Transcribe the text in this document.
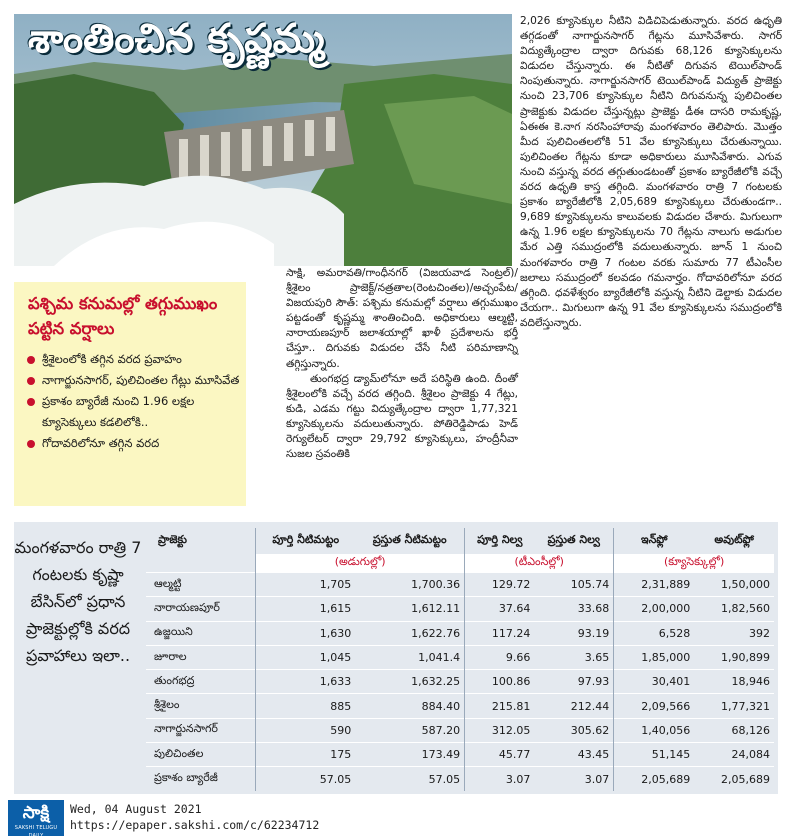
శాంతించిన కృష్ణమ్మ	2,026 క్యూసెక్కుల నీటిని విడిచిపెడుతున్నారు. వరద ఉధృతి తగ్గడంతో నాగార్జునసాగర్ గేట్లను మూసివేశారు. సాగర్ విద్యుత్కేంద్రాల ద్వారా దిగువకు 68,126 క్యూసెక్కులను విడుదల చేస్తున్నారు. ఈ నీటితో దిగువన టెయిల్‌పాండ్ నింపుతున్నారు. నాగార్జునసాగర్ టెయిల్‌పాండ్ విద్యుత్ ప్రాజెక్టు నుంచి 23,706 క్యూసెక్కుల నీటిని దిగువనున్న పులిచింతల ప్రాజెక్టుకు విడుదల చేస్తున్నట్లు ప్రాజెక్టు డీఈ దాసరి రామకృష్ణ, ఏఈఈ కె.నాగ నరసింహారావు మంగళవారం తెలిపారు. మొత్తం మీద పులిచింతలలోకి 51 వేల క్యూసెక్కులు చేరుతున్నాయి. పులిచింతల గేట్లను కూడా అధికారులు మూసివేశారు. ఎగువ నుంచి వస్తున్న వరద తగ్గుతుండటంతో ప్రకాశం బ్యారేజీలోకి వచ్చే వరద ఉధృతి కాస్త తగ్గింది. మంగళవారం రాత్రి 7 గంటలకు ప్రకాశం బ్యారేజీలోకి 2,05,689 క్యూసెక్కులు చేరుతుండగా.. 9,689 క్యూసెక్కులను కాలువలకు విడుదల చేశారు. మిగులుగా ఉన్న 1.96 లక్షల క్యూసెక్కులను 70 గేట్లను నాలుగు అడుగుల మేర ఎత్తి సముద్రంలోకి వదులుతున్నారు. జూన్ 1 నుంచి మంగళవారం రాత్రి 7 గంటల వరకు సుమారు 77 టీఎంసీల జలాలు సముద్రంలో కలవడం గమనార్హం. గోదావరిలోనూ వరద తగ్గింది. ధవళేశ్వరం బ్యారేజీలోకి వస్తున్న నీటిని డెల్టాకు విడుదల చేయగా.. మిగులుగా ఉన్న 91 వేల క్యూసెక్కులను సముద్రంలోకి వదిలేస్తున్నారు.

పశ్చిమ కనుమల్లో తగ్గుముఖం పట్టిన వర్షాలు
శ్రీశైలంలోకి తగ్గిన వరద ప్రవాహం
నాగార్జునసాగర్, పులిచింతల గేట్లు మూసివేత
ప్రకాశం బ్యారేజీ నుంచి 1.96 లక్షల క్యూసెక్కులు కడలిలోకి..
గోదావరిలోనూ తగ్గిన వరద

సాక్షి, అమరావతి/గాంధీనగర్ (విజయవాడ సెంట్రల్)/శ్రీశైలం ప్రాజెక్ట్/నత్రతాల(రెంటచింతల)/అచ్చంపేట/విజయపురి సౌత్: పశ్చిమ కనుమల్లో వర్షాలు తగ్గుముఖం పట్టడంతో కృష్ణమ్మ శాంతించింది. అధికారులు ఆల్మట్టి, నారాయణపూర్ జలాశయాల్లో ఖాళీ ప్రదేశాలను భర్తీ చేస్తూ.. దిగువకు విడుదల చేసే నీటి పరిమాణాన్ని తగ్గిస్తున్నారు.

తుంగభద్ర డ్యామ్‌లోనూ అదే పరిస్థితి ఉంది. దీంతో శ్రీశైలంలోకి వచ్చే వరద తగ్గింది. శ్రీశైలం ప్రాజెక్టు 4 గేట్లు, కుడి, ఎడమ గట్టు విద్యుత్కేంద్రాల ద్వారా 1,77,321 క్యూసెక్కులను వదులుతున్నారు. పోతిరెడ్డిపాడు హెడ్ రెగ్యులేటర్ ద్వారా 29,792 క్యూసెక్కులు, హంద్రీనీవా సుజల స్రవంతికి

మంగళవారం రాత్రి 7 గంటలకు కృష్ణా బేసిన్‌లో ప్రధాన ప్రాజెక్టుల్లోకి వరద ప్రవాహాలు ఇలా..
ప్రాజెక్టు	పూర్తి నీటిమట్టం	ప్రస్తుత నీటిమట్టం	పూర్తి నిల్వ	ప్రస్తుత నిల్వ	ఇన్‌ఫ్లో	అవుట్‌ఫ్లో
	(అడుగుల్లో)		(టీఎంసీల్లో)		(క్యూసెక్కుల్లో)	
ఆల్మట్టి	1,705	1,700.36	129.72	105.74	2,31,889	1,50,000
నారాయణపూర్	1,615	1,612.11	37.64	33.68	2,00,000	1,82,560
ఉజ్జయిని	1,630	1,622.76	117.24	93.19	6,528	392
జూరాల	1,045	1,041.4	9.66	3.65	1,85,000	1,90,899
తుంగభద్ర	1,633	1,632.25	100.86	97.93	30,401	18,946
శ్రీశైలం	885	884.40	215.81	212.44	2,09,566	1,77,321
నాగార్జునసాగర్	590	587.20	312.05	305.62	1,40,056	68,126
పులిచింతల	175	173.49	45.77	43.45	51,145	24,084
ప్రకాశం బ్యారేజీ	57.05	57.05	3.07	3.07	2,05,689	2,05,689
సాక్షి
SAKSHI TELUGU DAILY
Wed, 04 August 2021
https://epaper.sakshi.com/c/62234712
